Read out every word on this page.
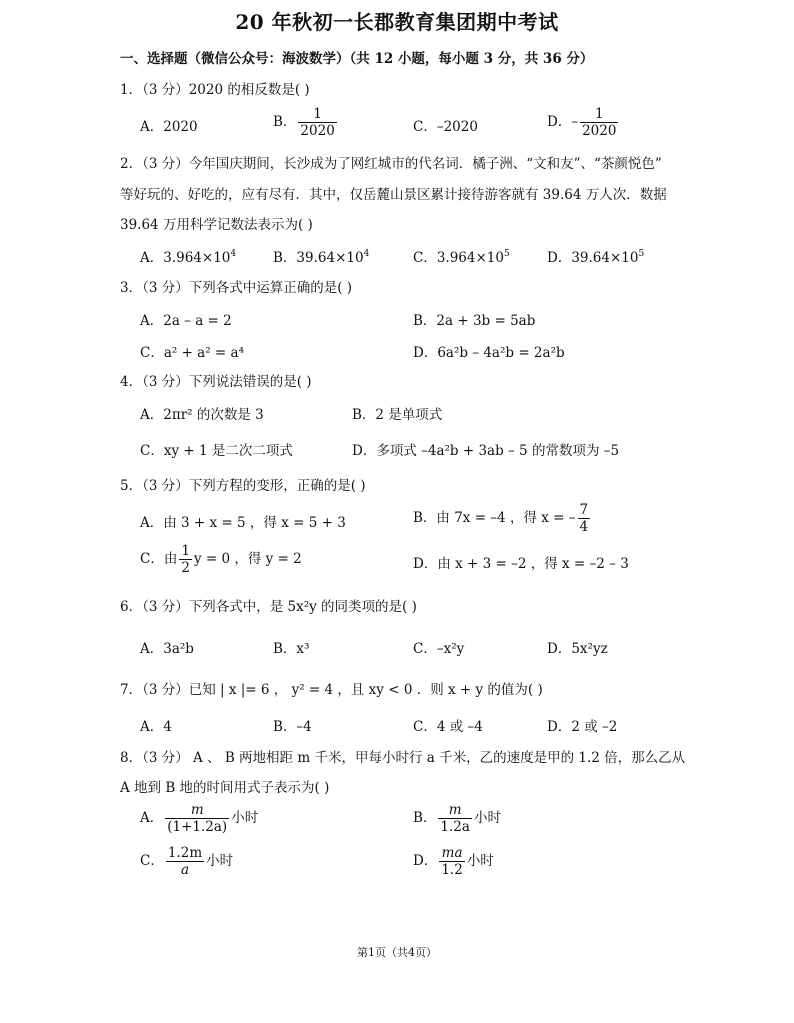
20 年秋初一长郡教育集团期中考试
一、选择题（微信公众号：海波数学）（共 12 小题，每小题 3 分，共 36 分）
1．（3 分）2020 的相反数是( )
A．2020	B． $\frac{1}{2020}$	C．–2020	D．– $\frac{1}{2020}$
2．（3 分）今年国庆期间，长沙成为了网红城市的代名词．橘子洲、“文和友”、“茶颜悦色”
等好玩的、好吃的，应有尽有．其中，仅岳麓山景区累计接待游客就有 39.64 万人次．数据
39.64 万用科学记数法表示为( )
A．$3.964\times 10^4$	B．$39.64\times 10^4$	C．$3.964\times 10^5$	D．$39.64\times 10^5$
3．（3 分）下列各式中运算正确的是( )
A．2a – a = 2	B．2a + 3b = 5ab
C．a² + a² = a⁴	D．6a²b – 4a²b = 2a²b
4．（3 分）下列说法错误的是( )
A．2πr² 的次数是 3	B．2 是单项式
C．xy + 1 是二次二项式	D．多项式 –4a²b + 3ab – 5 的常数项为 –5
5．（3 分）下列方程的变形，正确的是( )
A．由 3 + x = 5 ，得 x = 5 + 3	B．由 7x = –4 ，得 x = – $\frac{7}{4}$
C．由 $\frac{1}{2}$ y = 0 ，得 y = 2	D．由 x + 3 = –2 ，得 x = –2 – 3
6．（3 分）下列各式中，是 5x²y 的同类项的是( )
A．3a²b	B．x³	C．–x²y	D．5x²yz
7．（3 分）已知 | x |= 6 ， y² = 4 ，且 xy < 0 ．则 x + y 的值为( )
A．4	B．–4	C．4 或 –4	D．2 或 –2
8．（3 分） A 、 B 两地相距 m 千米，甲每小时行 a 千米，乙的速度是甲的 1.2 倍，那么乙从
A 地到 B 地的时间用式子表示为( )
A． $\frac{m}{(1+1.2a)}$ 小时	B． $\frac{m}{1.2a}$ 小时
C． $\frac{1.2m}{a}$ 小时	D． $\frac{ma}{1.2}$ 小时
第1页（共4页）
